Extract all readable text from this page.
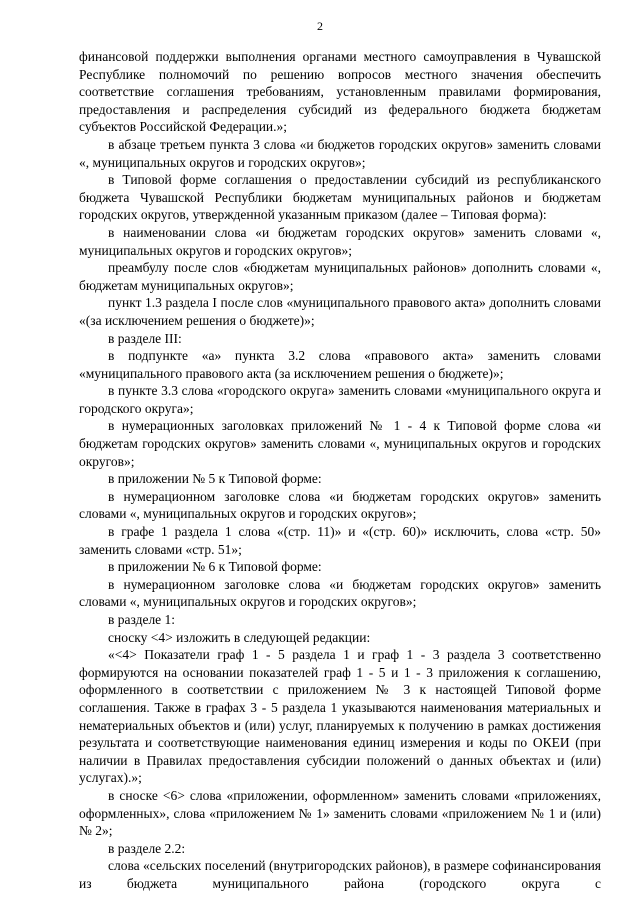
2

финансовой поддержки выполнения органами местного самоуправления в Чувашской Республике полномочий по решению вопросов местного значения обеспечить соответствие соглашения требованиям, установленным правилами формирования, предоставления и распределения субсидий из федерального бюджета бюджетам субъектов Российской Федерации.»;

в абзаце третьем пункта 3 слова «и бюджетов городских округов» заменить словами «, муниципальных округов и городских округов»;

в Типовой форме соглашения о предоставлении субсидий из республиканского бюджета Чувашской Республики бюджетам муниципальных районов и бюджетам городских округов, утвержденной указанным приказом (далее – Типовая форма):

в наименовании слова «и бюджетам городских округов» заменить словами «, муниципальных округов и городских округов»;

преамбулу после слов «бюджетам муниципальных районов» дополнить словами «, бюджетам муниципальных округов»;

пункт 1.3 раздела I после слов «муниципального правового акта» дополнить словами «(за исключением решения о бюджете)»;

в разделе III:

в подпункте «а» пункта 3.2 слова «правового акта» заменить словами «муниципального правового акта (за исключением решения о бюджете)»;

в пункте 3.3 слова «городского округа» заменить словами «муниципального округа и городского округа»;

в нумерационных заголовках приложений № 1 - 4 к Типовой форме слова «и бюджетам городских округов» заменить словами «, муниципальных округов и городских округов»;

в приложении № 5 к Типовой форме:

в нумерационном заголовке слова «и бюджетам городских округов» заменить словами «, муниципальных округов и городских округов»;

в графе 1 раздела 1 слова «(стр. 11)» и «(стр. 60)» исключить, слова «стр. 50» заменить словами «стр. 51»;

в приложении № 6 к Типовой форме:

в нумерационном заголовке слова «и бюджетам городских округов» заменить словами «, муниципальных округов и городских округов»;

в разделе 1:

сноску <4> изложить в следующей редакции:

«<4> Показатели граф 1 - 5 раздела 1 и граф 1 - 3 раздела 3 соответственно формируются на основании показателей граф 1 - 5 и 1 - 3 приложения к соглашению, оформленного в соответствии с приложением № 3 к настоящей Типовой форме соглашения. Также в графах 3 - 5 раздела 1 указываются наименования материальных и нематериальных объектов и (или) услуг, планируемых к получению в рамках достижения результата и соответствующие наименования единиц измерения и коды по ОКЕИ (при наличии в Правилах предоставления субсидии положений о данных объектах и (или) услугах).»;

в сноске <6> слова «приложении, оформленном» заменить словами «приложениях, оформленных», слова «приложением № 1» заменить словами «приложением № 1 и (или) № 2»;

в разделе 2.2:

слова «сельских поселений (внутригородских районов), в размере софинансирования из бюджета муниципального района (городского округа с
